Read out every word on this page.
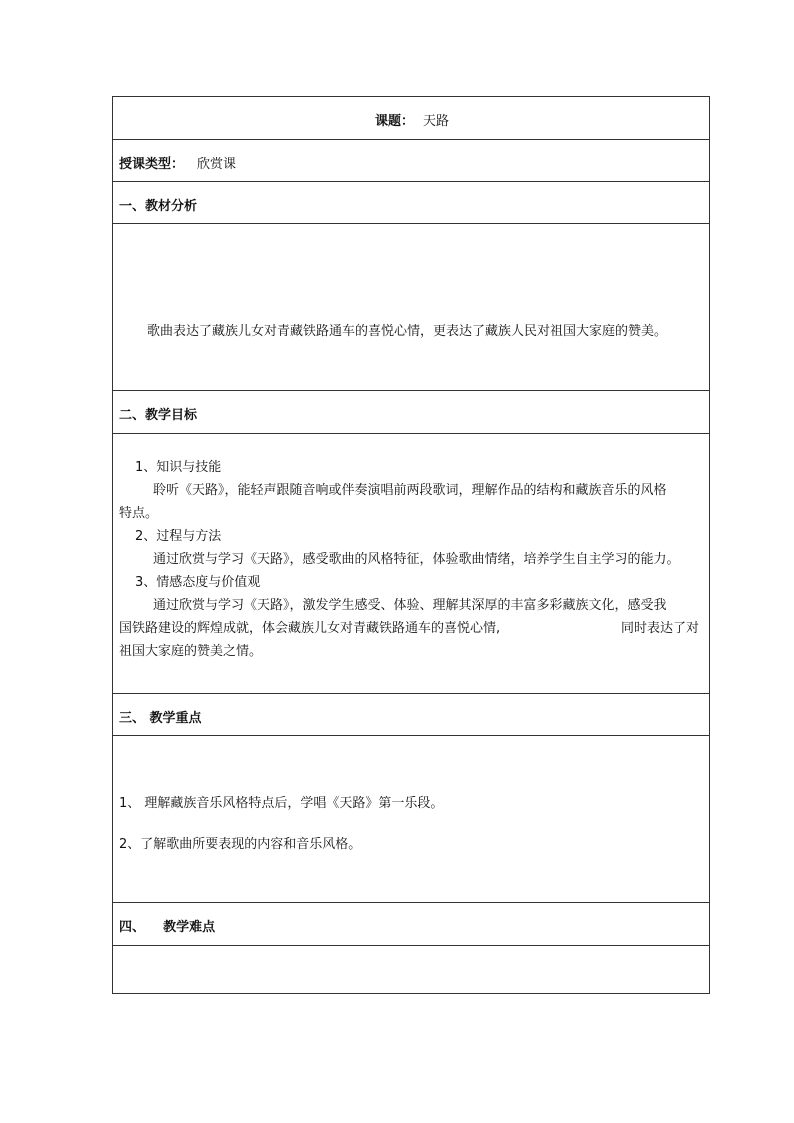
课题： 天路
授课类型： 欣赏课
一、教材分析
歌曲表达了藏族儿女对青藏铁路通车的喜悦心情，更表达了藏族人民对祖国大家庭的赞美。
二、教学目标
1、知识与技能
聆听《天路》，能轻声跟随音响或伴奏演唱前两段歌词，理解作品的结构和藏族音乐的风格
特点。
2、过程与方法
通过欣赏与学习《天路》，感受歌曲的风格特征，体验歌曲情绪，培养学生自主学习的能力。
3、情感态度与价值观
通过欣赏与学习《天路》，激发学生感受、体验、理解其深厚的丰富多彩藏族文化，感受我
国铁路建设的辉煌成就，体会藏族儿女对青藏铁路通车的喜悦心情,	同时表达了对
祖国大家庭的赞美之情。
三、 教学重点
1、 理解藏族音乐风格特点后，学唱《天路》第一乐段。
2、了解歌曲所要表现的内容和音乐风格。
四、    教学难点
